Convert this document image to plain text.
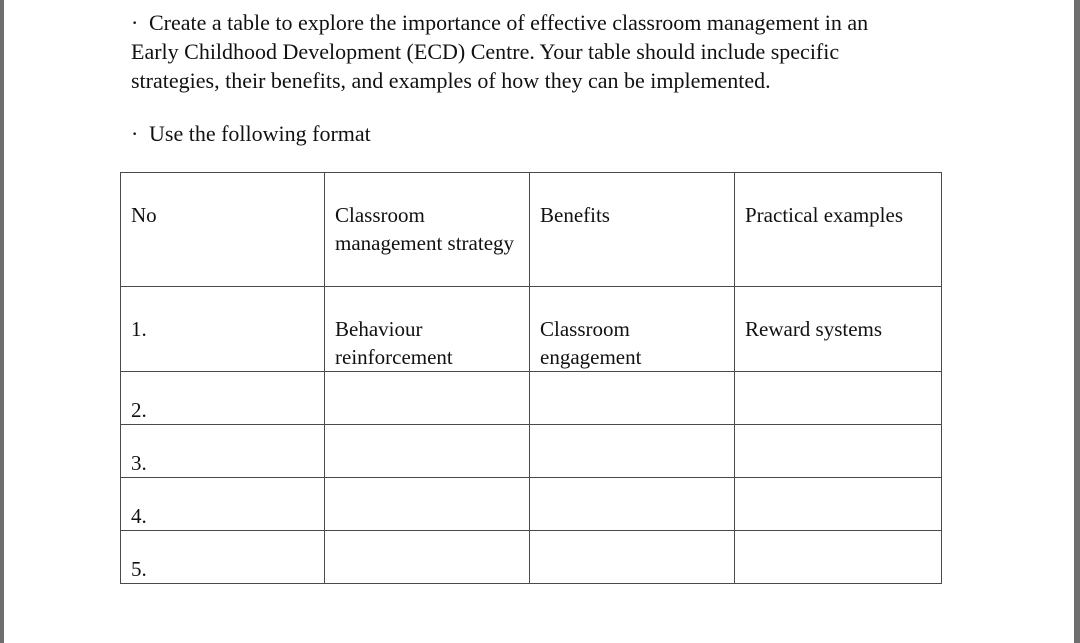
· Create a table to explore the importance of effective classroom management in an
Early Childhood Development (ECD) Centre. Your table should include specific
strategies, their benefits, and examples of how they can be implemented.
· Use the following format
No	Classroom management strategy	Benefits	Practical examples
1.	Behaviour reinforcement	Classroom engagement	Reward systems
2.			
3.			
4.			
5.			
